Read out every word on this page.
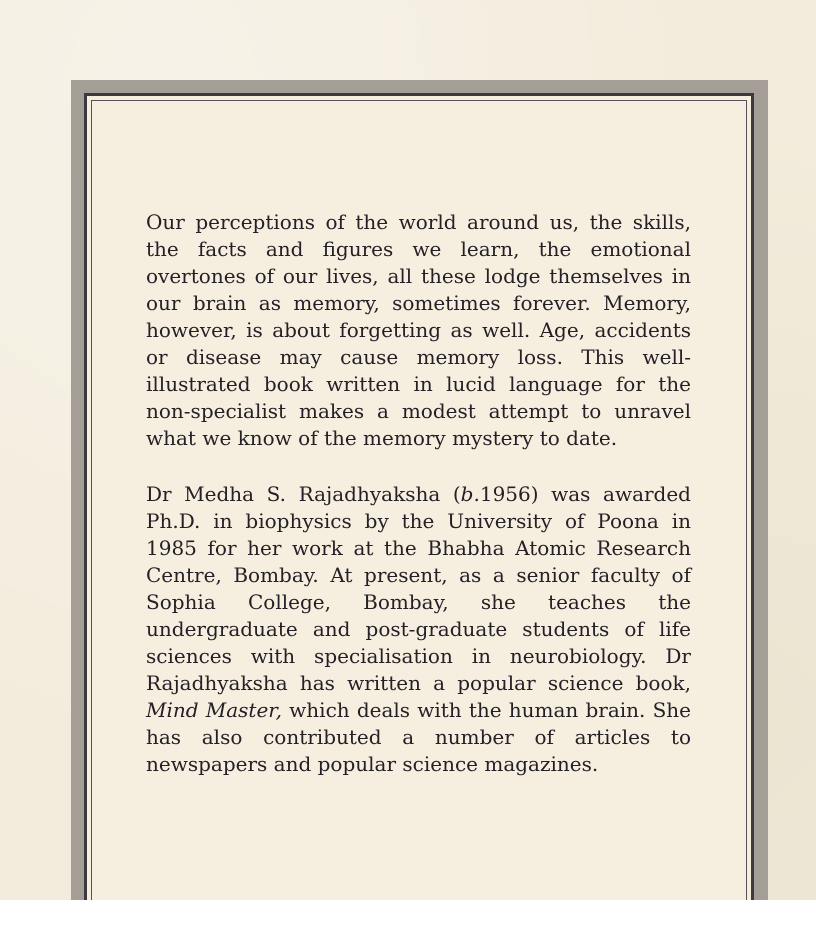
Our perceptions of the world around us, the skills, the facts and figures we learn, the emotional overtones of our lives, all these lodge themselves in our brain as memory, sometimes forever. Memory, however, is about forgetting as well. Age, accidents or disease may cause memory loss. This well-illustrated book written in lucid language for the non-specialist makes a modest attempt to unravel what we know of the memory mystery to date.

Dr Medha S. Rajadhyaksha (b.1956) was awarded Ph.D. in biophysics by the University of Poona in 1985 for her work at the Bhabha Atomic Research Centre, Bombay. At present, as a senior faculty of Sophia College, Bombay, she teaches the undergraduate and post-graduate students of life sciences with specialisation in neurobiology. Dr Rajadhyaksha has written a popular science book, Mind Master, which deals with the human brain. She has also contributed a number of articles to newspapers and popular science magazines.
